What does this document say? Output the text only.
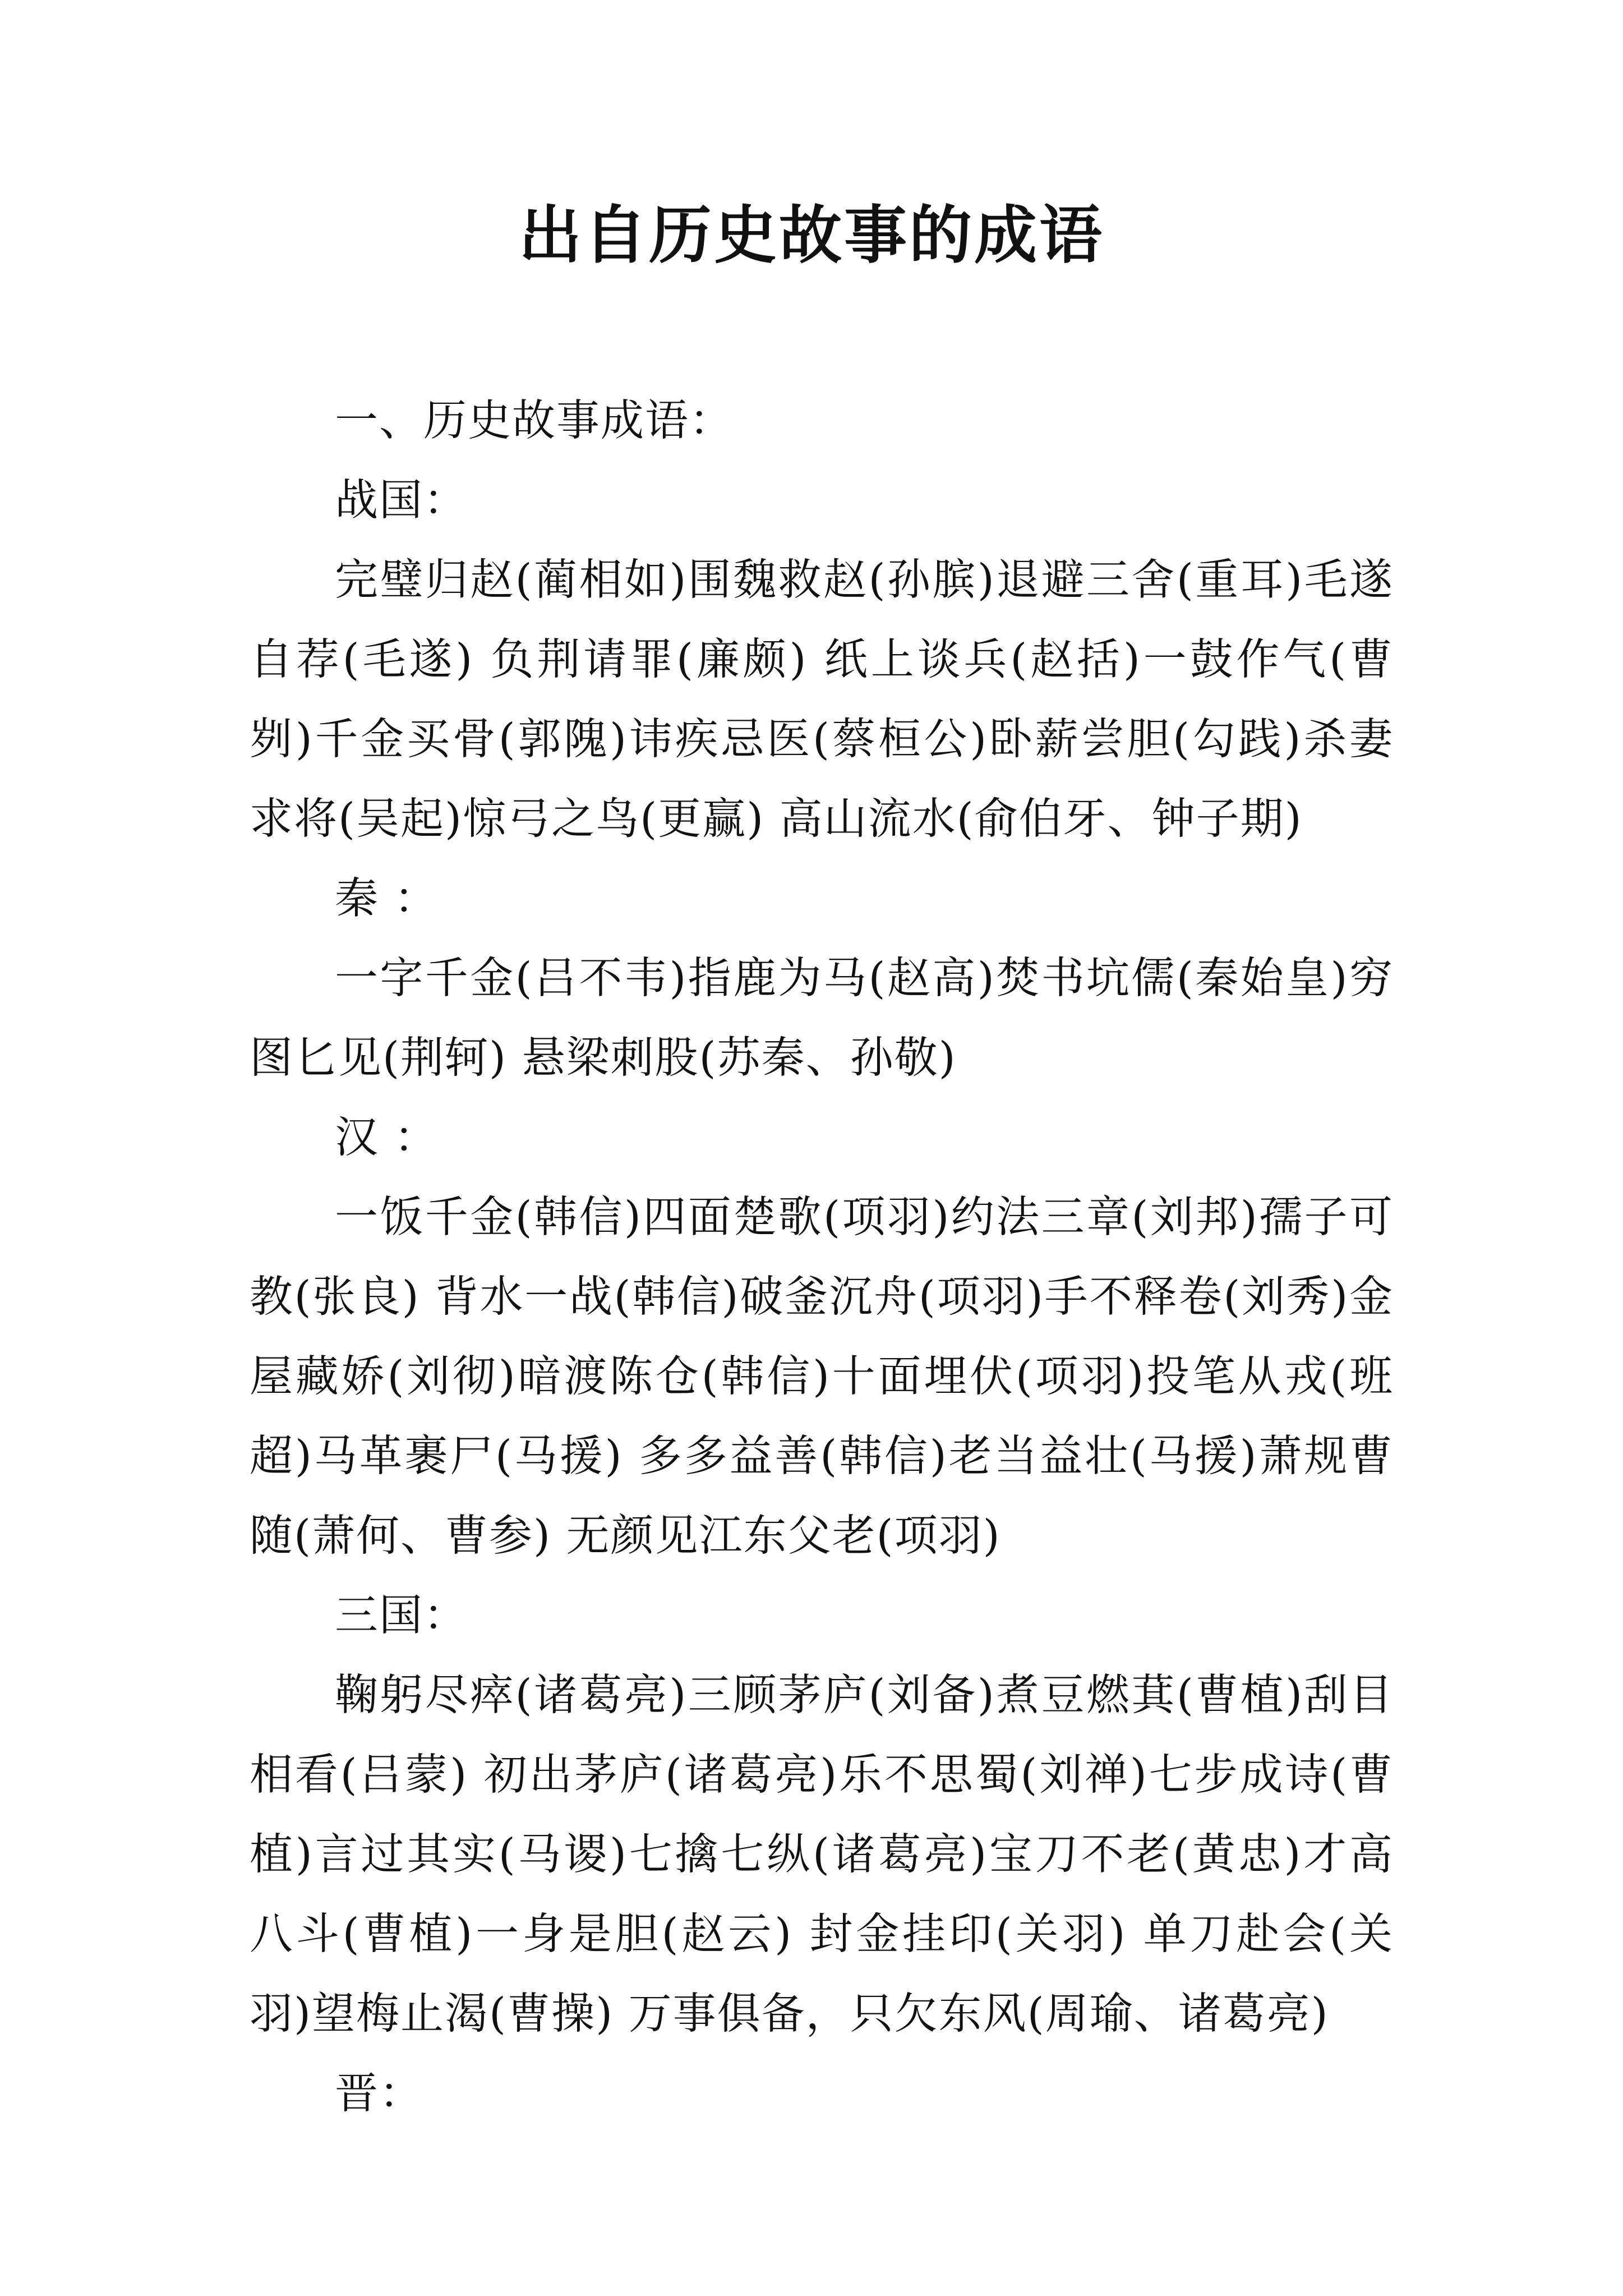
出自历史故事的成语

一、历史故事成语：

战国：

完璧归赵(蔺相如)围魏救赵(孙膑)退避三舍(重耳)毛遂自荐(毛遂) 负荆请罪(廉颇) 纸上谈兵(赵括)一鼓作气(曹刿)千金买骨(郭隗)讳疾忌医(蔡桓公)卧薪尝胆(勾践)杀妻求将(吴起)惊弓之鸟(更赢) 高山流水(俞伯牙、钟子期)

秦 ：

一字千金(吕不韦)指鹿为马(赵高)焚书坑儒(秦始皇)穷图匕见(荆轲) 悬梁刺股(苏秦、孙敬)

汉 ：

一饭千金(韩信)四面楚歌(项羽)约法三章(刘邦)孺子可教(张良) 背水一战(韩信)破釜沉舟(项羽)手不释卷(刘秀)金屋藏娇(刘彻)暗渡陈仓(韩信)十面埋伏(项羽)投笔从戎(班超)马革裹尸(马援) 多多益善(韩信)老当益壮(马援)萧规曹随(萧何、曹参) 无颜见江东父老(项羽)

三国：

鞠躬尽瘁(诸葛亮)三顾茅庐(刘备)煮豆燃萁(曹植)刮目相看(吕蒙) 初出茅庐(诸葛亮)乐不思蜀(刘禅)七步成诗(曹植)言过其实(马谡)七擒七纵(诸葛亮)宝刀不老(黄忠)才高八斗(曹植)一身是胆(赵云) 封金挂印(关羽) 单刀赴会(关羽)望梅止渴(曹操) 万事俱备，只欠东风(周瑜、诸葛亮)

晋：
